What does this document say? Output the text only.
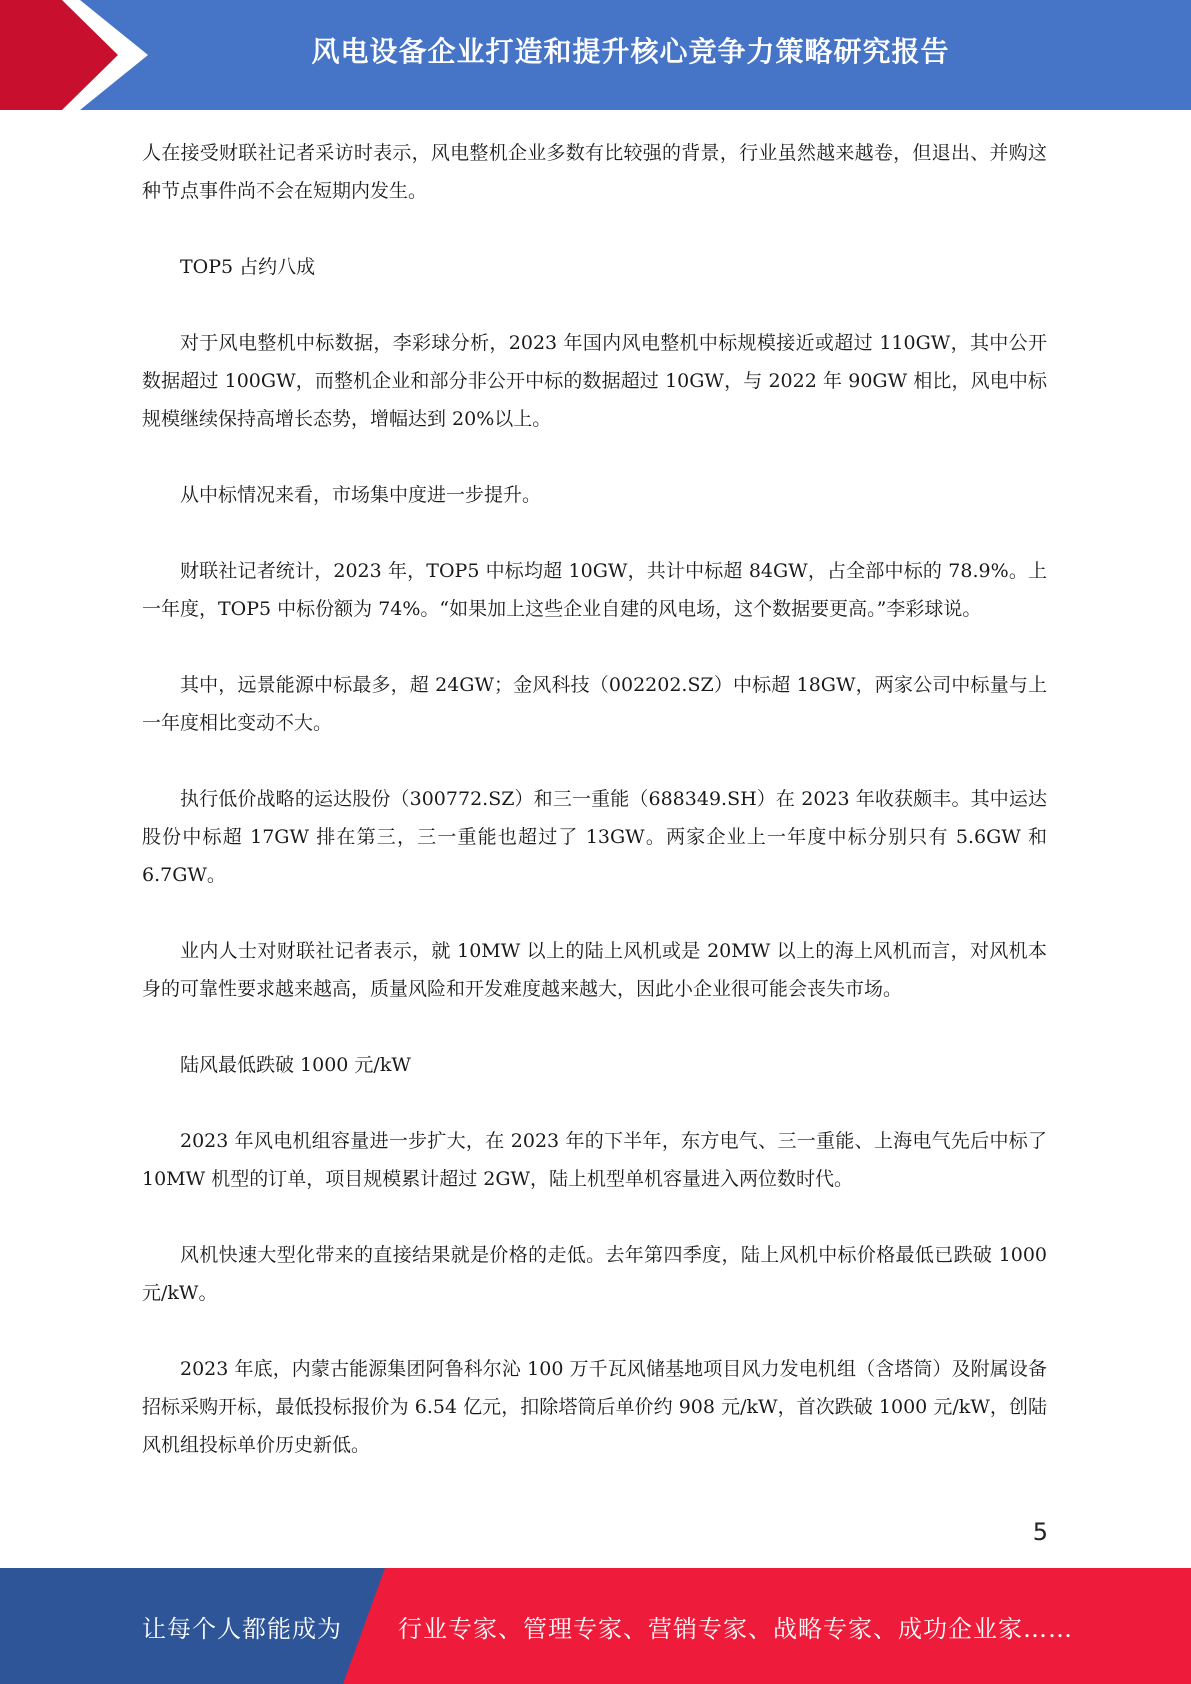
风电设备企业打造和提升核心竞争力策略研究报告

人在接受财联社记者采访时表示，风电整机企业多数有比较强的背景，行业虽然越来越卷，但退出、并购这种节点事件尚不会在短期内发生。

TOP5 占约八成

对于风电整机中标数据，李彩球分析，2023 年国内风电整机中标规模接近或超过 110GW，其中公开数据超过 100GW，而整机企业和部分非公开中标的数据超过 10GW，与 2022 年 90GW 相比，风电中标规模继续保持高增长态势，增幅达到 20%以上。

从中标情况来看，市场集中度进一步提升。

财联社记者统计，2023 年，TOP5 中标均超 10GW，共计中标超 84GW，占全部中标的 78.9%。上一年度，TOP5 中标份额为 74%。“如果加上这些企业自建的风电场，这个数据要更高。”李彩球说。

其中，远景能源中标最多，超 24GW；金风科技（002202.SZ）中标超 18GW，两家公司中标量与上一年度相比变动不大。

执行低价战略的运达股份（300772.SZ）和三一重能（688349.SH）在 2023 年收获颇丰。其中运达股份中标超 17GW 排在第三，三一重能也超过了 13GW。两家企业上一年度中标分别只有 5.6GW 和 6.7GW。

业内人士对财联社记者表示，就 10MW 以上的陆上风机或是 20MW 以上的海上风机而言，对风机本身的可靠性要求越来越高，质量风险和开发难度越来越大，因此小企业很可能会丧失市场。

陆风最低跌破 1000 元/kW

2023 年风电机组容量进一步扩大，在 2023 年的下半年，东方电气、三一重能、上海电气先后中标了 10MW 机型的订单，项目规模累计超过 2GW，陆上机型单机容量进入两位数时代。

风机快速大型化带来的直接结果就是价格的走低。去年第四季度，陆上风机中标价格最低已跌破 1000 元/kW。

2023 年底，内蒙古能源集团阿鲁科尔沁 100 万千瓦风储基地项目风力发电机组（含塔筒）及附属设备招标采购开标，最低投标报价为 6.54 亿元，扣除塔筒后单价约 908 元/kW，首次跌破 1000 元/kW，创陆风机组投标单价历史新低。

5
让每个人都能成为 行业专家、管理专家、营销专家、战略专家、成功企业家……
